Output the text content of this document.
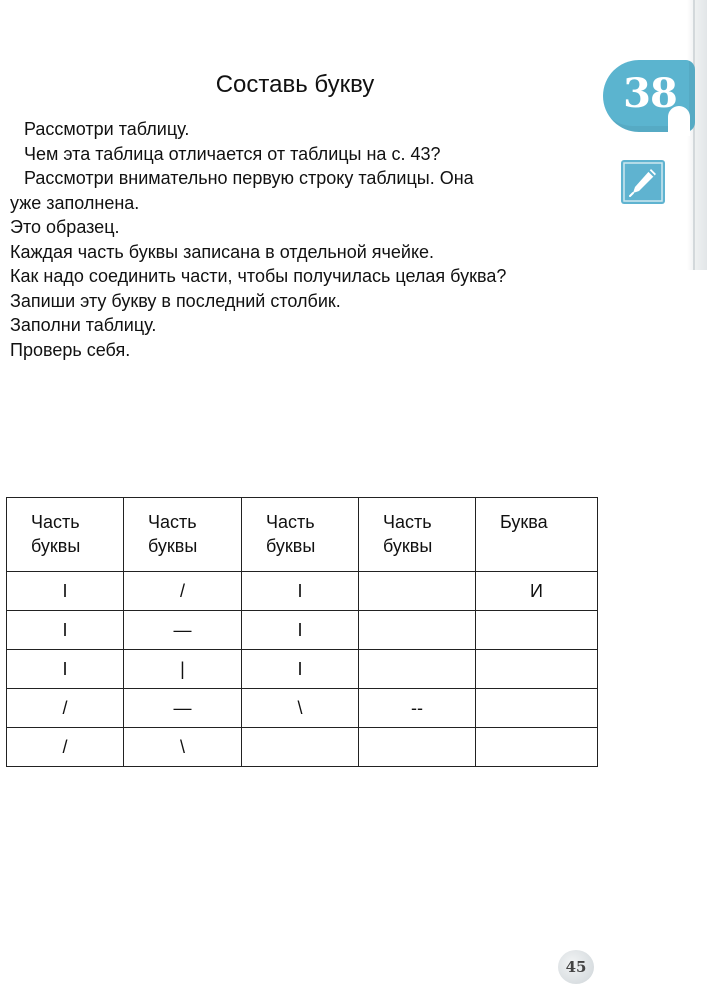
38
Составь букву
Рассмотри таблицу.
Чем эта таблица отличается от таблицы на с. 43?
Рассмотри внимательно первую строку таблицы. Она
уже заполнена.
Это образец.
Каждая часть буквы записана в отдельной ячейке.
Как надо соединить части, чтобы получилась целая буква?
Запиши эту букву в последний столбик.
Заполни таблицу.
Проверь себя.
Часть буквы	Часть буквы	Часть буквы	Часть буквы	Буква
I	/	I		И
I	—	I		
I	|	I		
/	—	\	--	
/	\			
45
